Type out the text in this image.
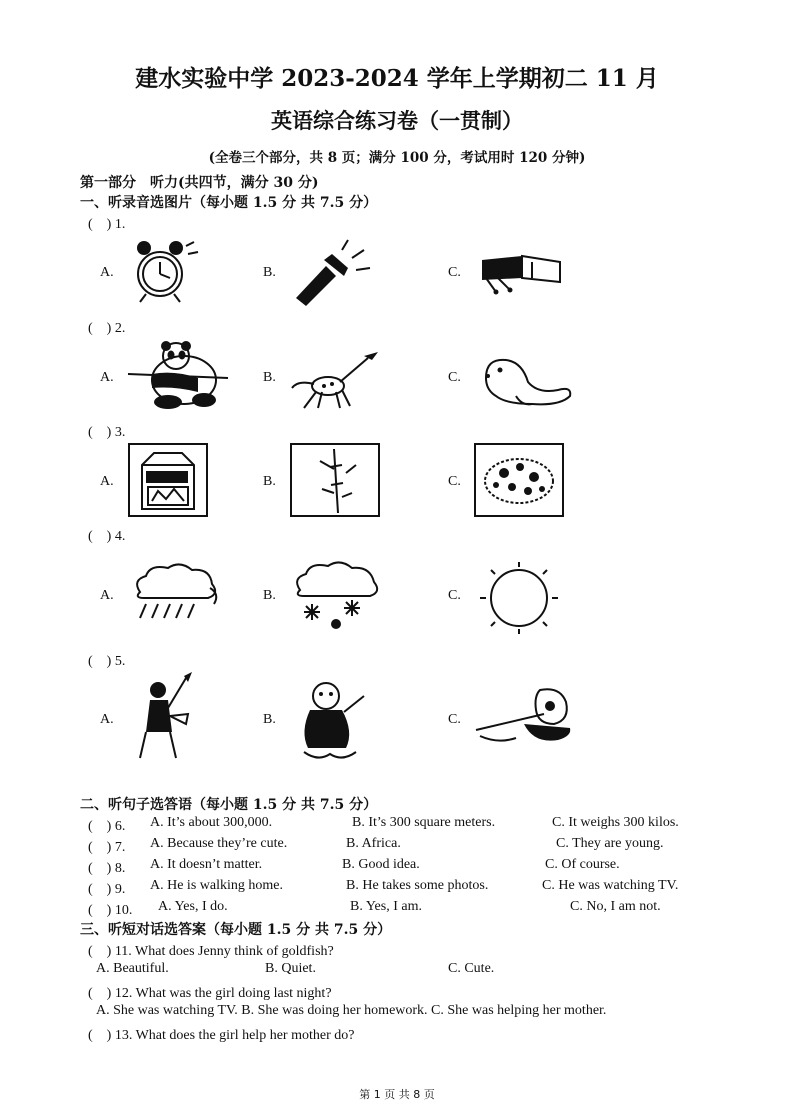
建水实验中学 2023-2024 学年上学期初二 11 月
英语综合练习卷（一贯制）
(全卷三个部分，共 8 页；满分 100 分，考试用时 120 分钟)
第一部分　听力(共四节，满分 30 分)
一、听录音选图片（每小题 1.5 分 共 7.5 分）
(　) 1.
A.	B.	C.
(　) 2.
A.	B.	C.
(　) 3.
A.	B.	C.
(　) 4.
A.	B.	C.
(　) 5.
A.	B.	C.
二、听句子选答语（每小题 1.5 分 共 7.5 分）
(　) 6. A. It’s about 300,000.	B. It’s 300 square meters.	C. It weighs 300 kilos.
(　) 7. A. Because they’re cute.	B. Africa.	C. They are young.
(　) 8. A. It doesn’t matter.	B. Good idea.	C. Of course.
(　) 9. A. He is walking home.	B. He takes some photos.	C. He was watching TV.
(　) 10. A. Yes, I do.	B. Yes, I am.	C. No, I am not.
三、听短对话选答案（每小题 1.5 分 共 7.5 分）
(　) 11. What does Jenny think of goldfish?
A. Beautiful.	B. Quiet.	C. Cute.
(　) 12. What was the girl doing last night?
A. She was watching TV. B. She was doing her homework. C. She was helping her mother.
(　) 13. What does the girl help her mother do?
第 1 页 共 8 页
